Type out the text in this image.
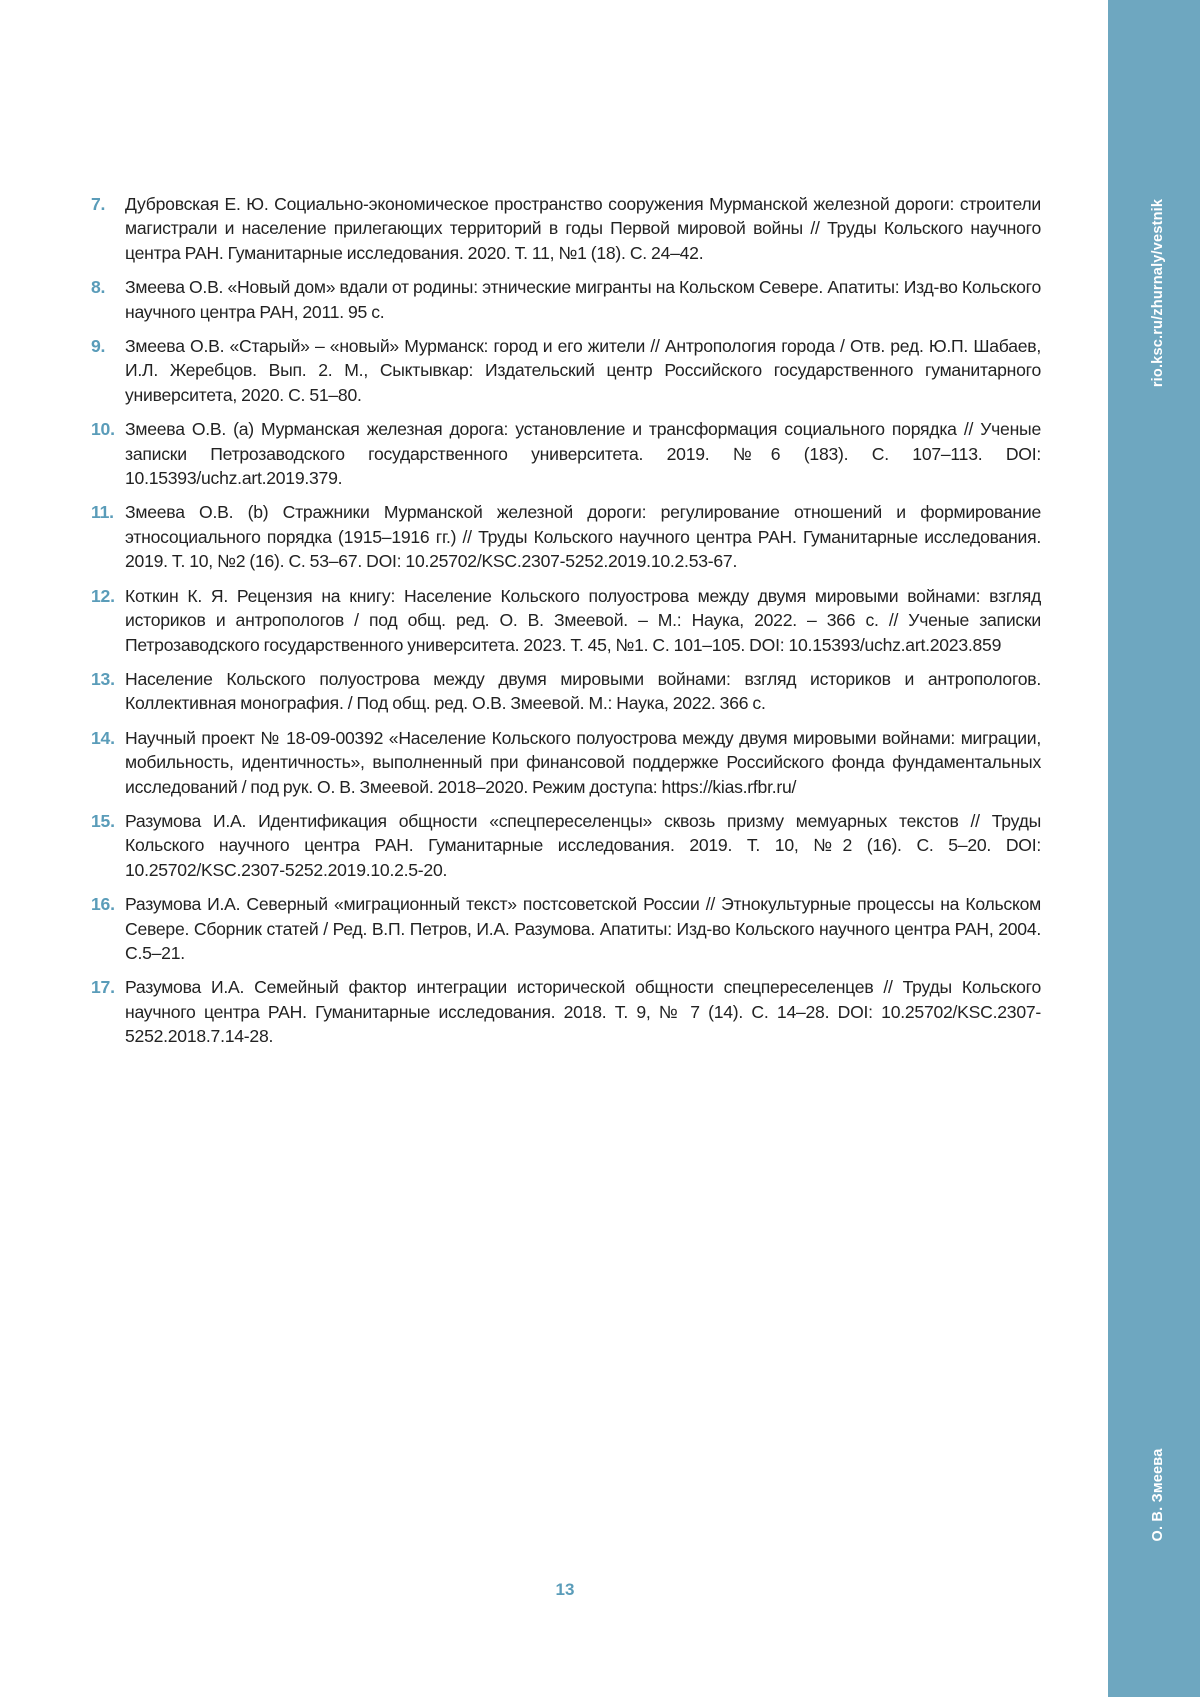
rio.ksc.ru/zhurnaly/vestnik
О. В. Змеева
7. Дубровская Е. Ю. Социально-экономическое пространство сооружения Мурманской железной дороги: строители магистрали и население прилегающих территорий в годы Первой мировой войны // Труды Кольского научного центра РАН. Гуманитарные исследования. 2020. Т. 11, №1 (18). С. 24–42.
8. Змеева О.В. «Новый дом» вдали от родины: этнические мигранты на Кольском Севере. Апатиты: Изд-во Кольского научного центра РАН, 2011. 95 с.
9. Змеева О.В. «Старый» – «новый» Мурманск: город и его жители // Антропология города / Отв. ред. Ю.П. Шабаев, И.Л. Жеребцов. Вып. 2. М., Сыктывкар: Издательский центр Российского государственного гуманитарного университета, 2020. С. 51–80.
10. Змеева О.В. (a) Мурманская железная дорога: установление и трансформация социального порядка // Ученые записки Петрозаводского государственного университета. 2019. №6 (183). С. 107–113. DOI: 10.15393/uchz.art.2019.379.
11. Змеева О.В. (b) Стражники Мурманской железной дороги: регулирование отношений и формирование этносоциального порядка (1915–1916 гг.) // Труды Кольского научного центра РАН. Гуманитарные исследования. 2019. Т. 10, №2 (16). С. 53–67. DOI: 10.25702/KSC.2307-5252.2019.10.2.53-67.
12. Коткин К. Я. Рецензия на книгу: Население Кольского полуострова между двумя мировыми войнами: взгляд историков и антропологов / под общ. ред. О. В. Змеевой. – М.: Наука, 2022. – 366 с. // Ученые записки Петрозаводского государственного университета. 2023. Т. 45, №1. С. 101–105. DOI: 10.15393/uchz.art.2023.859
13. Население Кольского полуострова между двумя мировыми войнами: взгляд историков и антропологов. Коллективная монография. / Под общ. ред. О.В. Змеевой. М.: Наука, 2022. 366 с.
14. Научный проект № 18-09-00392 «Население Кольского полуострова между двумя мировыми войнами: миграции, мобильность, идентичность», выполненный при финансовой поддержке Российского фонда фундаментальных исследований / под рук. О. В. Змеевой. 2018–2020. Режим доступа: https://kias.rfbr.ru/
15. Разумова И.А. Идентификация общности «спецпереселенцы» сквозь призму мемуарных текстов // Труды Кольского научного центра РАН. Гуманитарные исследования. 2019. Т. 10, №2 (16). С. 5–20. DOI: 10.25702/KSC.2307-5252.2019.10.2.5-20.
16. Разумова И.А. Северный «миграционный текст» постсоветской России // Этнокультурные процессы на Кольском Севере. Сборник статей / Ред. В.П. Петров, И.А. Разумова. Апатиты: Изд-во Кольского научного центра РАН, 2004. С.5–21.
17. Разумова И.А. Семейный фактор интеграции исторической общности спецпереселенцев // Труды Кольского научного центра РАН. Гуманитарные исследования. 2018. Т. 9, № 7 (14). С. 14–28. DOI: 10.25702/KSC.2307-5252.2018.7.14-28.
13
